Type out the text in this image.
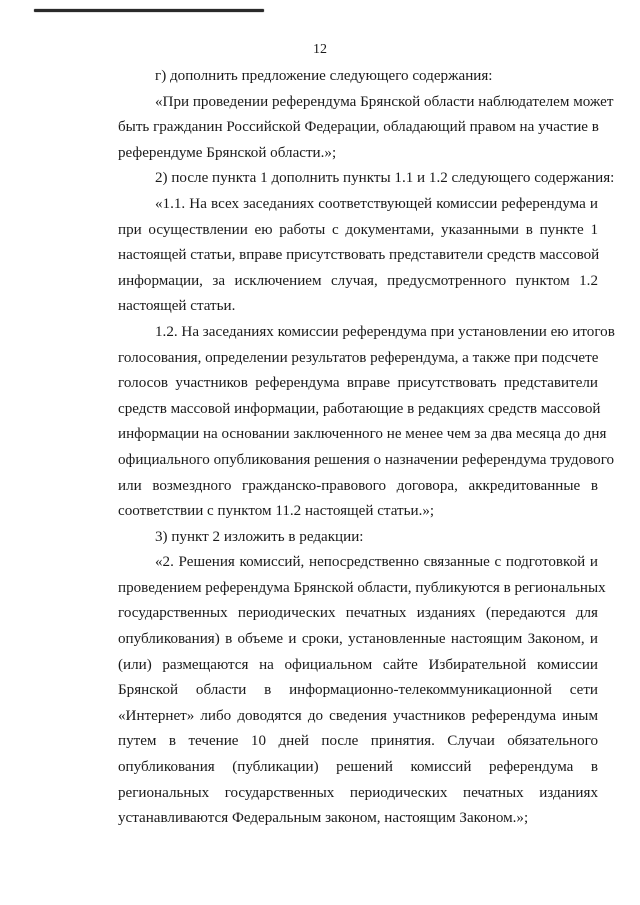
12
г) дополнить предложение следующего содержания:
«При проведении референдума Брянской области наблюдателем может
быть гражданин Российской Федерации, обладающий правом на участие в
референдуме Брянской области.»;
2) после пункта 1 дополнить пункты 1.1 и 1.2 следующего содержания:
«1.1. На всех заседаниях соответствующей комиссии референдума и
при осуществлении ею работы с документами, указанными в пункте 1
настоящей статьи, вправе присутствовать представители средств массовой
информации, за исключением случая, предусмотренного пунктом 1.2
настоящей статьи.
1.2. На заседаниях комиссии референдума при установлении ею итогов
голосования, определении результатов референдума, а также при подсчете
голосов участников референдума вправе присутствовать представители
средств массовой информации, работающие в редакциях средств массовой
информации на основании заключенного не менее чем за два месяца до дня
официального опубликования решения о назначении референдума трудового
или возмездного гражданско-правового договора, аккредитованные в
соответствии с пунктом 11.2 настоящей статьи.»;
3) пункт 2 изложить в редакции:
«2. Решения комиссий, непосредственно связанные с подготовкой и
проведением референдума Брянской области, публикуются в региональных
государственных периодических печатных изданиях (передаются для
опубликования) в объеме и сроки, установленные настоящим Законом, и
(или) размещаются на официальном сайте Избирательной комиссии
Брянской области в информационно-телекоммуникационной сети
«Интернет» либо доводятся до сведения участников референдума иным
путем в течение 10 дней после принятия. Случаи обязательного
опубликования (публикации) решений комиссий референдума в
региональных государственных периодических печатных изданиях
устанавливаются Федеральным законом, настоящим Законом.»;
